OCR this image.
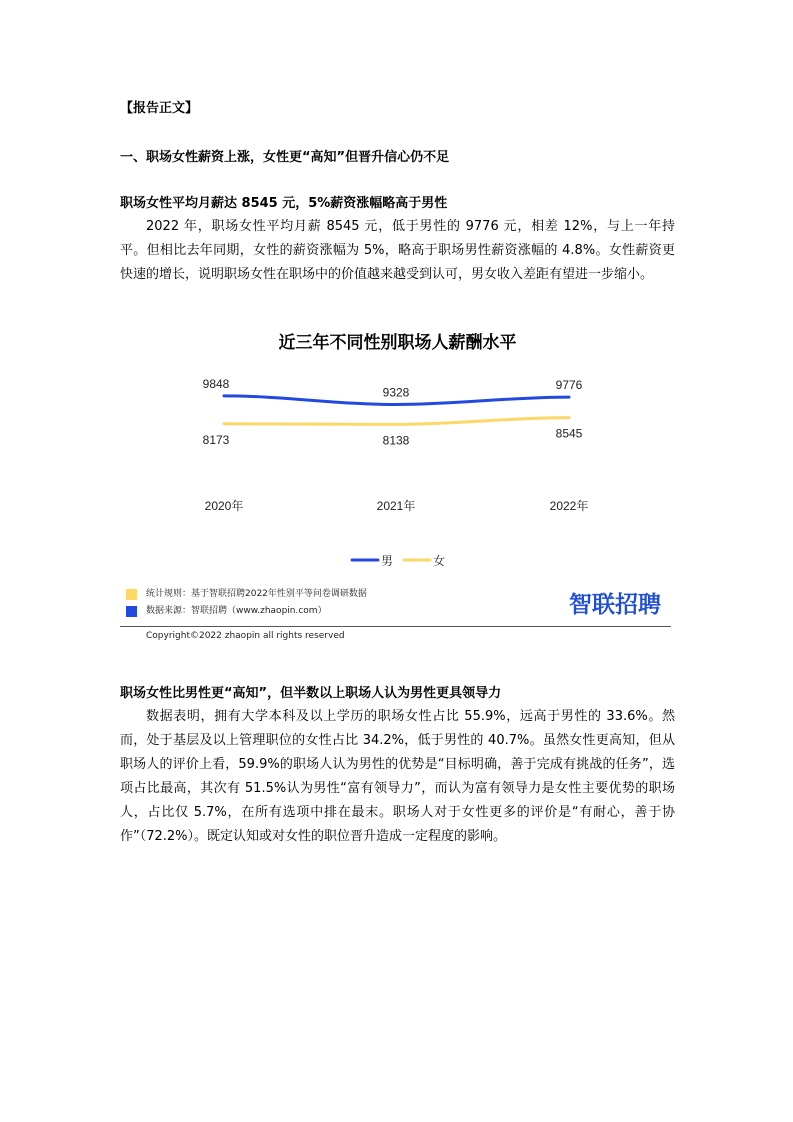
【报告正文】
一、职场女性薪资上涨，女性更“高知”但晋升信心仍不足
职场女性平均月薪达 8545 元，5%薪资涨幅略高于男性

2022 年，职场女性平均月薪 8545 元，低于男性的 9776 元，相差 12%，与上一年持平。但相比去年同期，女性的薪资涨幅为 5%，略高于职场男性薪资涨幅的 4.8%。女性薪资更快速的增长，说明职场女性在职场中的价值越来越受到认可，男女收入差距有望进一步缩小。

近三年不同性别职场人薪酬水平
9848
9328
9776
8173	8138	8545
2020年	2021年	2022年
男	女
统计规则：基于智联招聘2022年性别平等问卷调研数据
数据来源：智联招聘（www.zhaopin.com）	智联招聘
Copyright©2022 zhaopin all rights reserved
职场女性比男性更“高知”，但半数以上职场人认为男性更具领导力

数据表明，拥有大学本科及以上学历的职场女性占比 55.9%，远高于男性的 33.6%。然而，处于基层及以上管理职位的女性占比 34.2%，低于男性的 40.7%。虽然女性更高知，但从职场人的评价上看，59.9%的职场人认为男性的优势是“目标明确，善于完成有挑战的任务”，选项占比最高，其次有 51.5%认为男性“富有领导力”，而认为富有领导力是女性主要优势的职场人，占比仅 5.7%，在所有选项中排在最末。职场人对于女性更多的评价是“有耐心，善于协作”（72.2%）。既定认知或对女性的职位晋升造成一定程度的影响。
